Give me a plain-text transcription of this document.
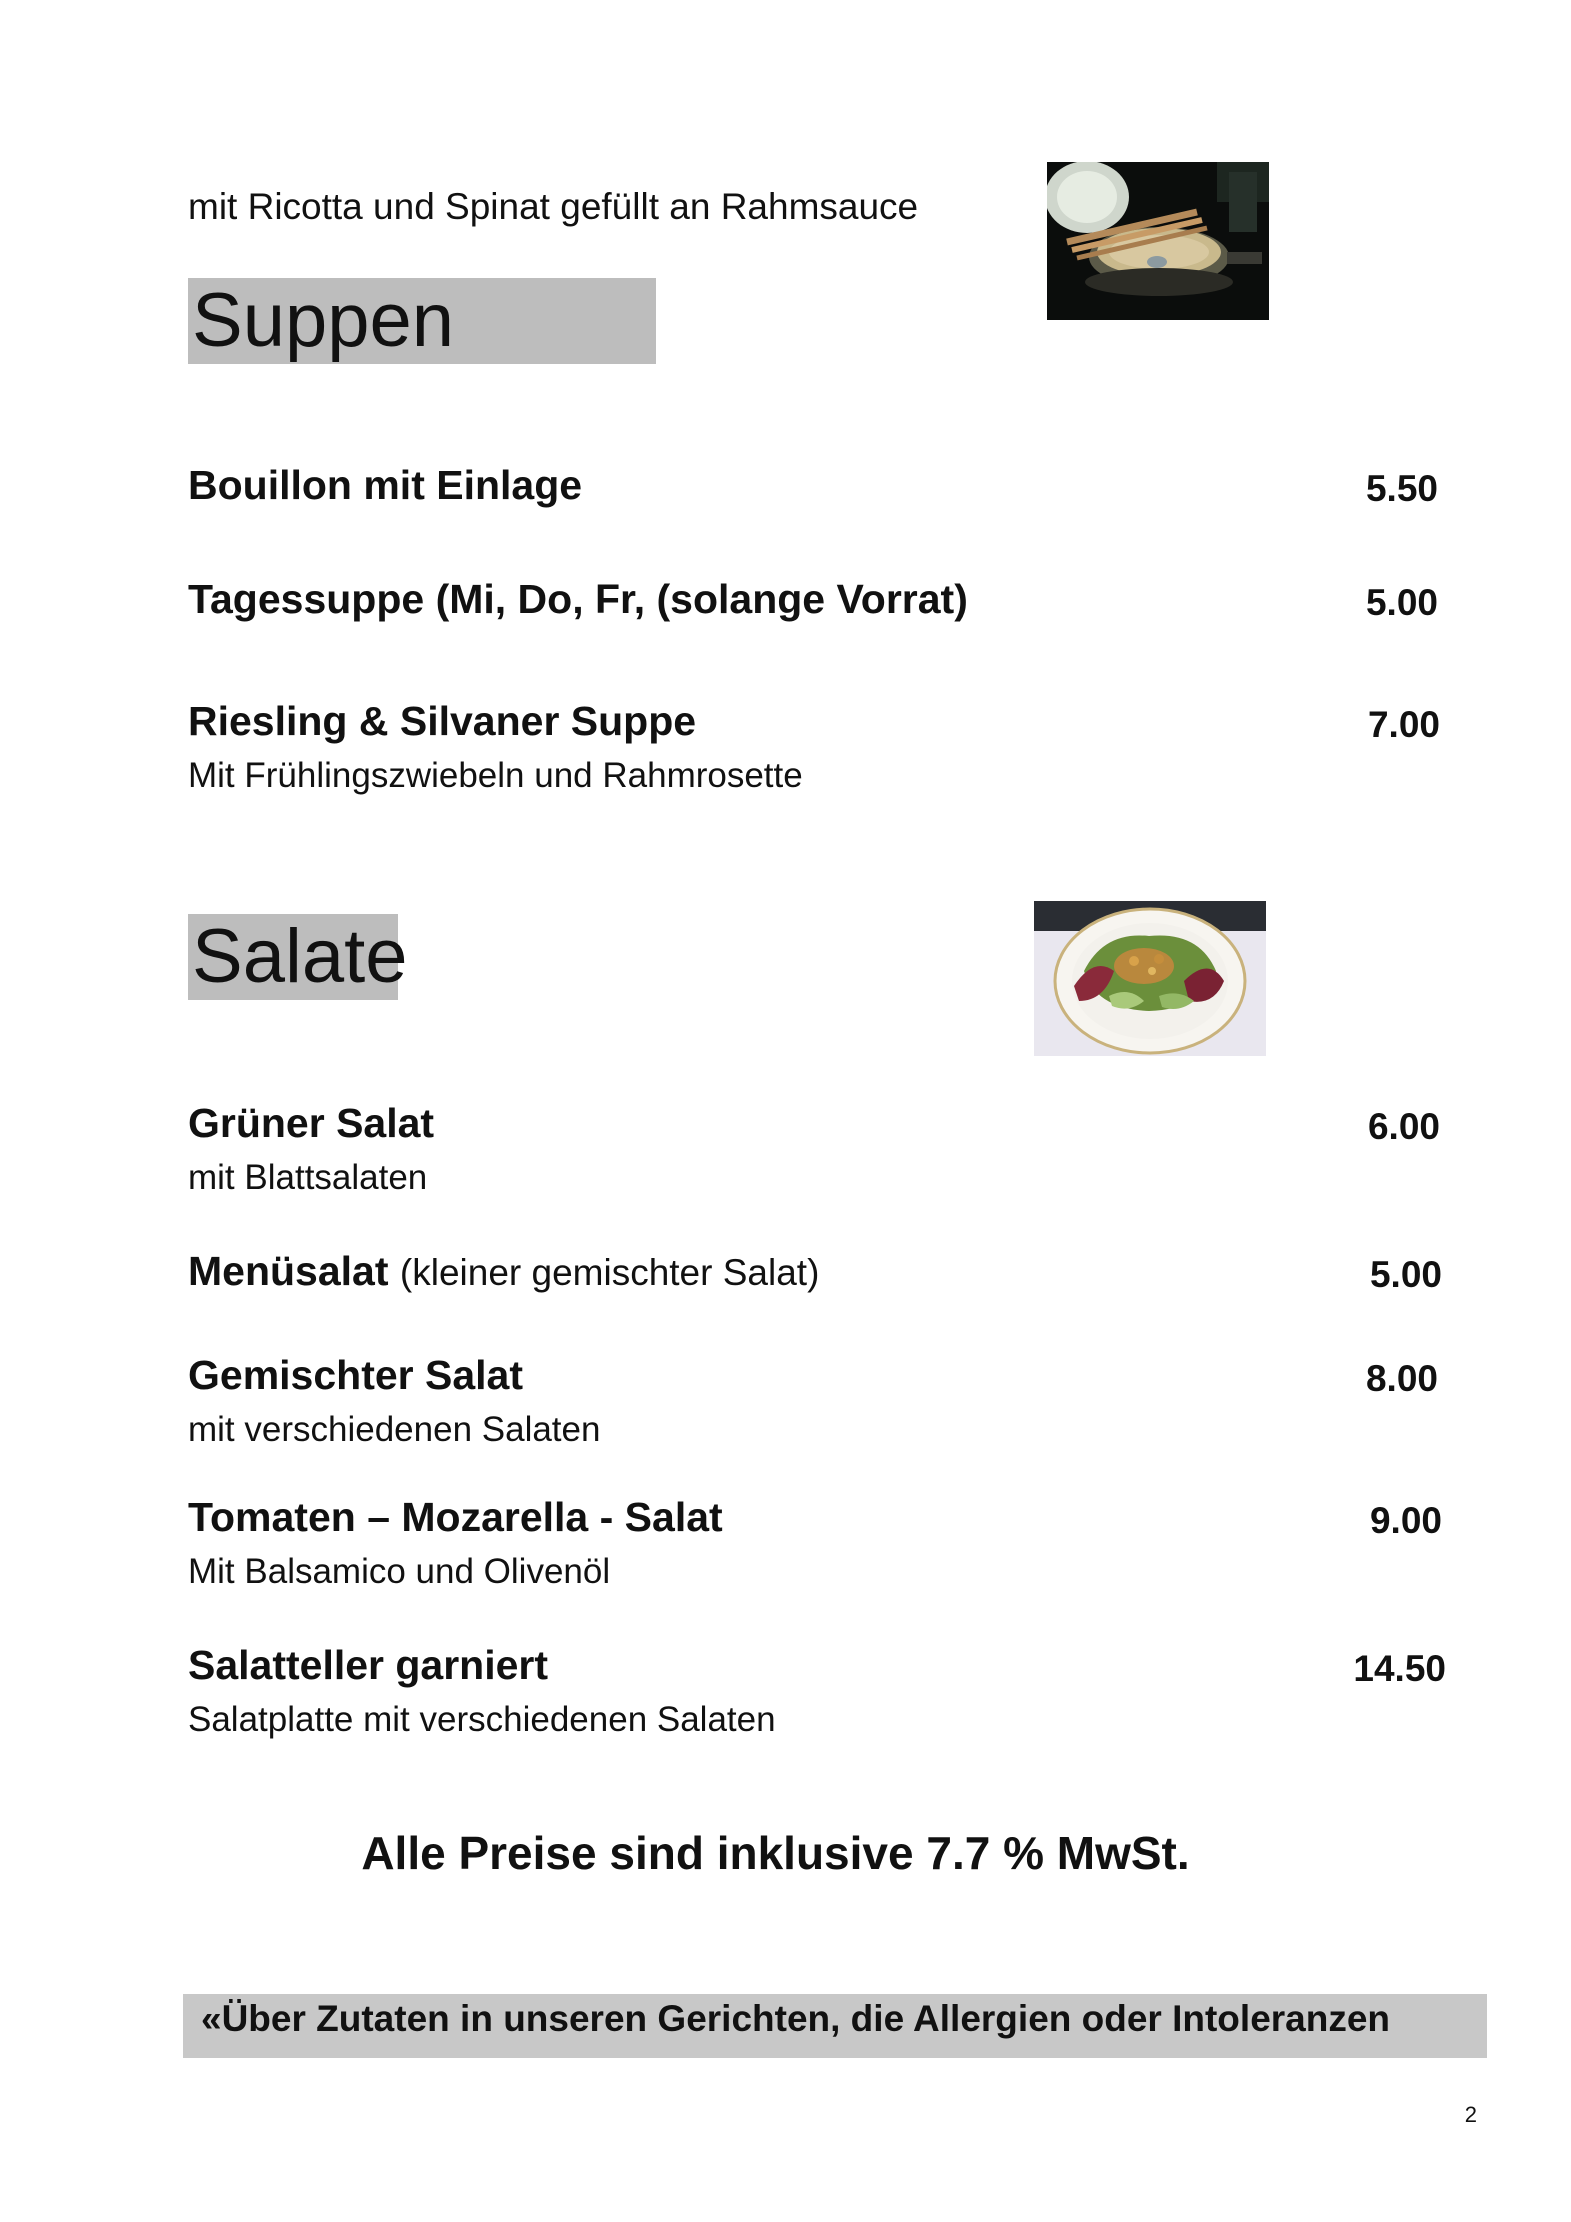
mit Ricotta und Spinat gefüllt an Rahmsauce
Suppen
Bouillon mit Einlage	5.50
Tagessuppe (Mi, Do, Fr, (solange Vorrat)	5.00
Riesling & Silvaner Suppe	7.00
Mit Frühlingszwiebeln und Rahmrosette
Salate
Grüner Salat	6.00
mit Blattsalaten
Menüsalat (kleiner gemischter Salat)	5.00
Gemischter Salat	8.00
mit verschiedenen Salaten
Tomaten – Mozarella - Salat	9.00
Mit Balsamico und Olivenöl
Salatteller garniert	14.50
Salatplatte mit verschiedenen Salaten
Alle Preise sind inklusive 7.7 % MwSt.
«Über Zutaten in unseren Gerichten, die Allergien oder Intoleranzen
2
